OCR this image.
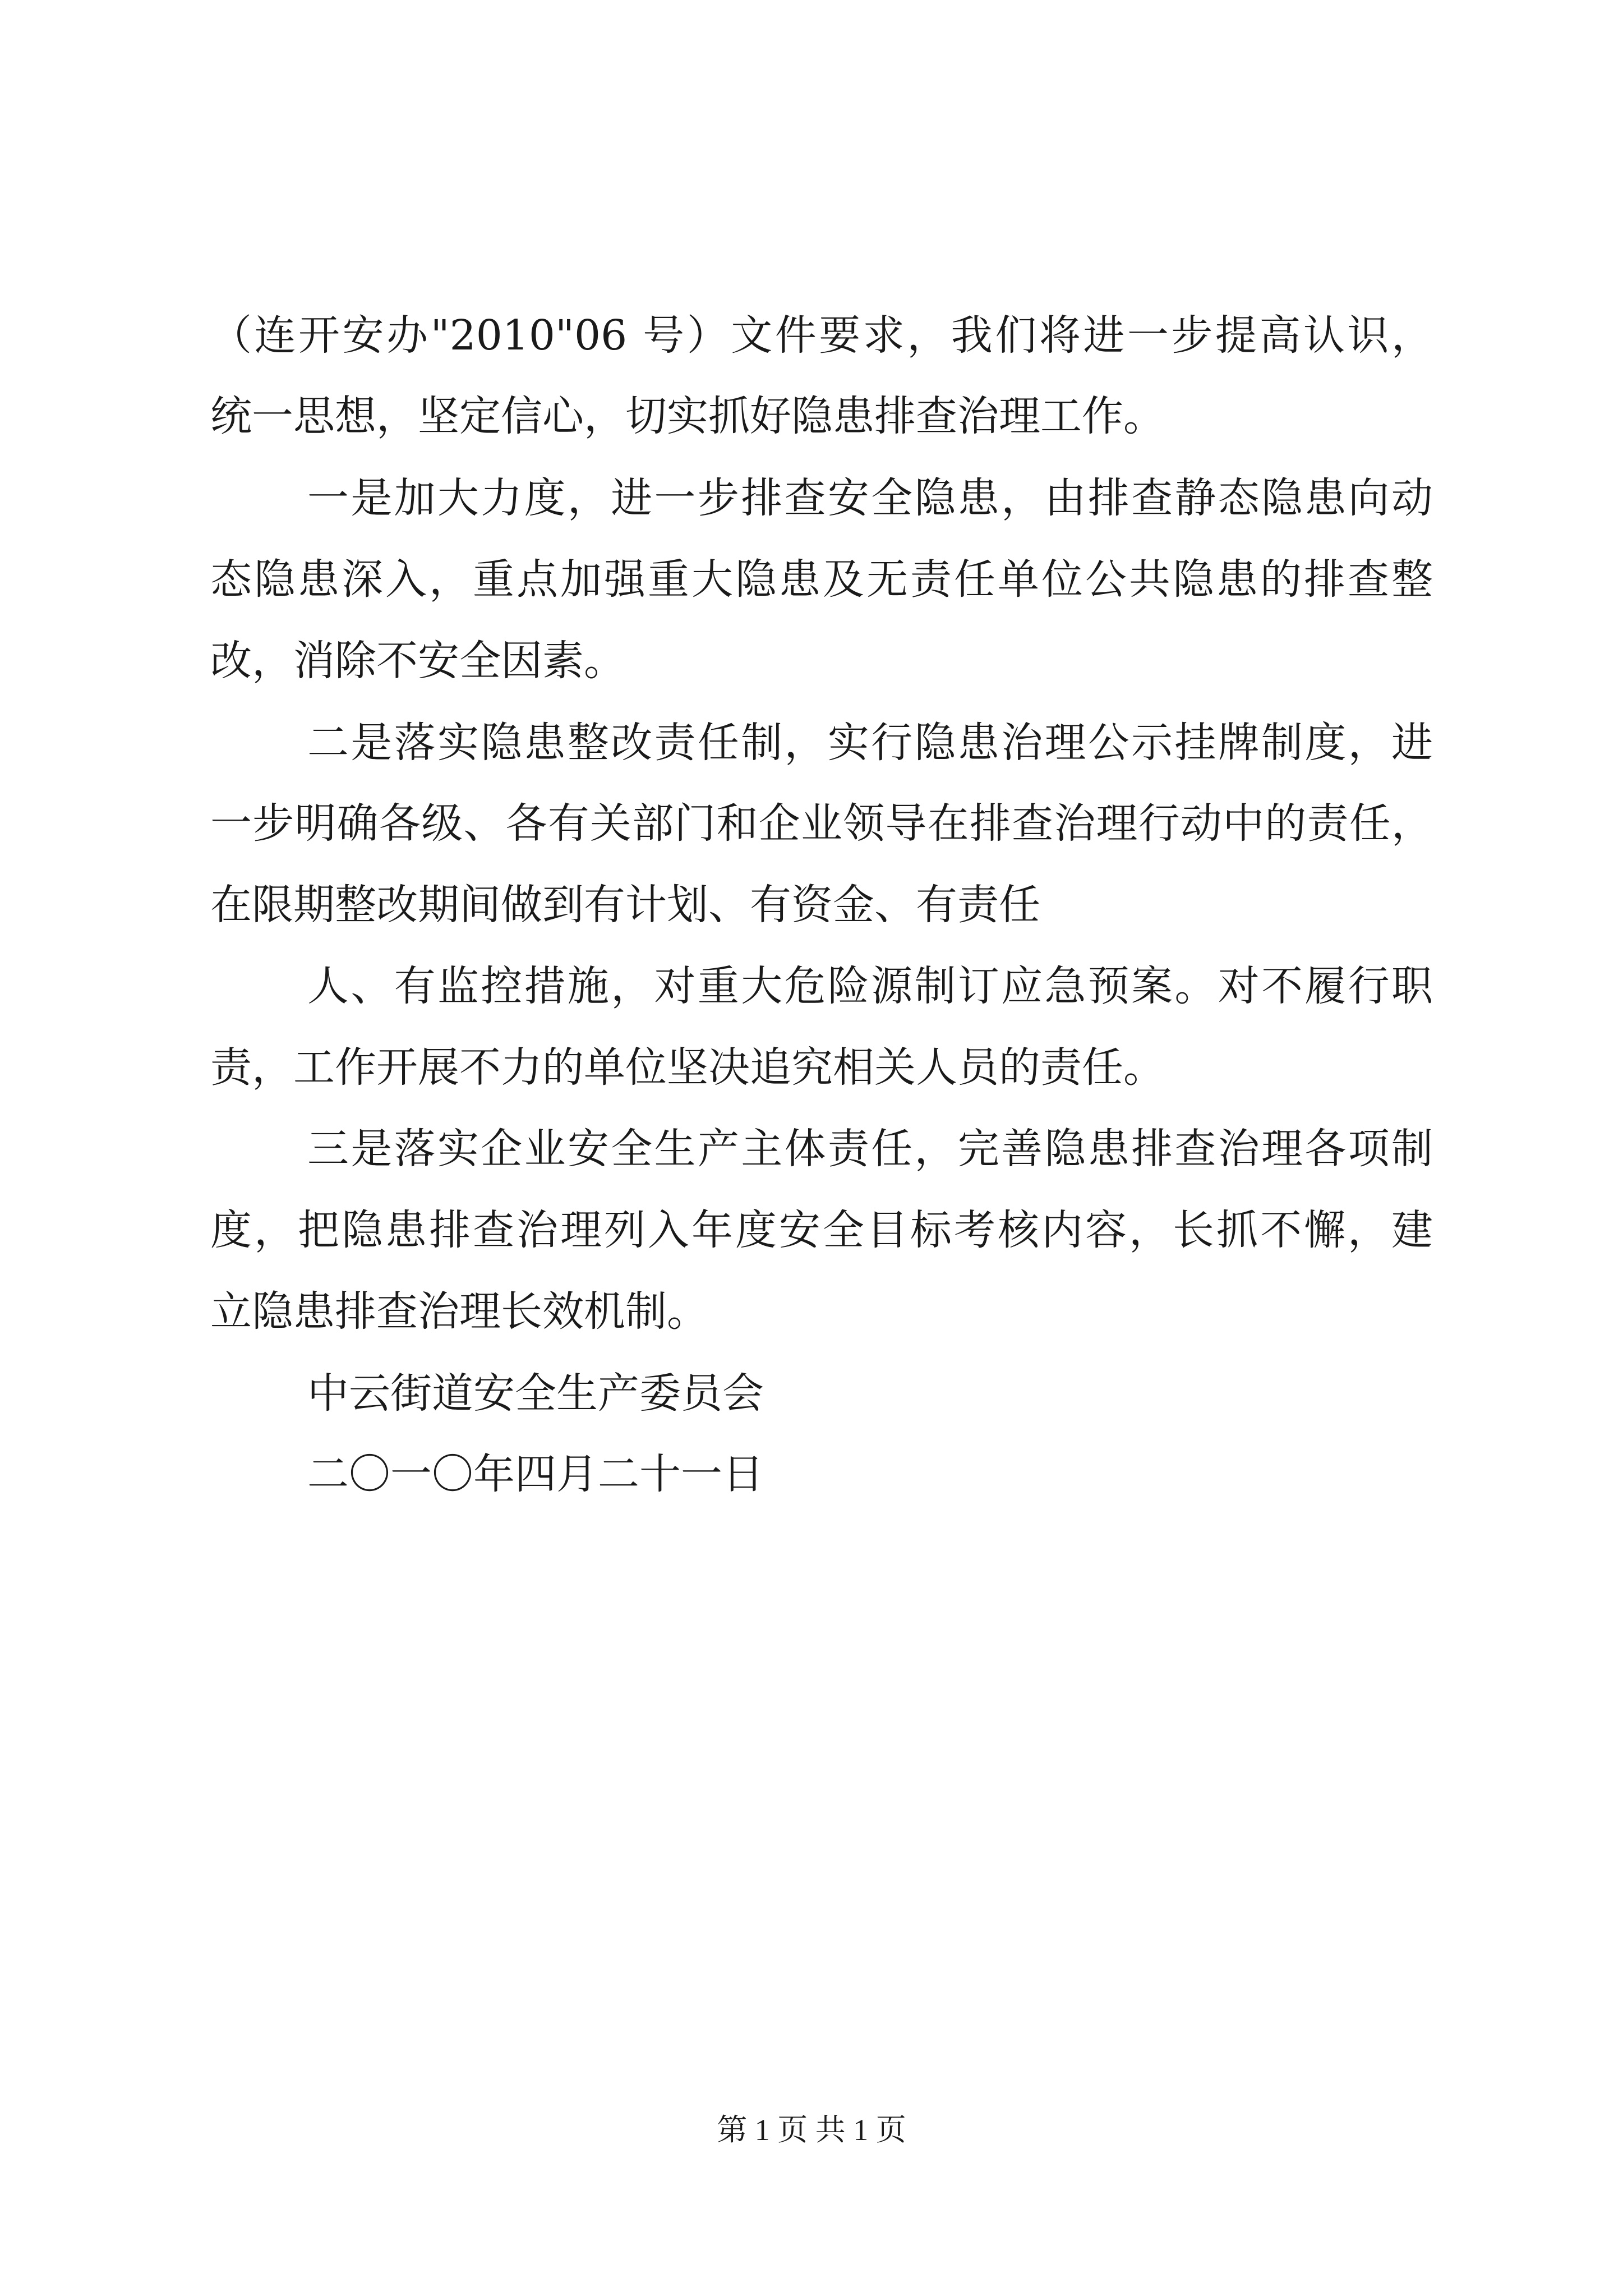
（连开安办"2010"06 号）文件要求，我们将进一步提高认识，
统一思想，坚定信心，切实抓好隐患排查治理工作。
一是加大力度，进一步排查安全隐患，由排查静态隐患向动
态隐患深入，重点加强重大隐患及无责任单位公共隐患的排查整
改，消除不安全因素。
二是落实隐患整改责任制，实行隐患治理公示挂牌制度，进
一步明确各级、各有关部门和企业领导在排查治理行动中的责任，
在限期整改期间做到有计划、有资金、有责任
人、有监控措施，对重大危险源制订应急预案。对不履行职
责，工作开展不力的单位坚决追究相关人员的责任。
三是落实企业安全生产主体责任，完善隐患排查治理各项制
度，把隐患排查治理列入年度安全目标考核内容，长抓不懈，建
立隐患排查治理长效机制。
中云街道安全生产委员会
二〇一〇年四月二十一日
第 1 页 共 1 页
